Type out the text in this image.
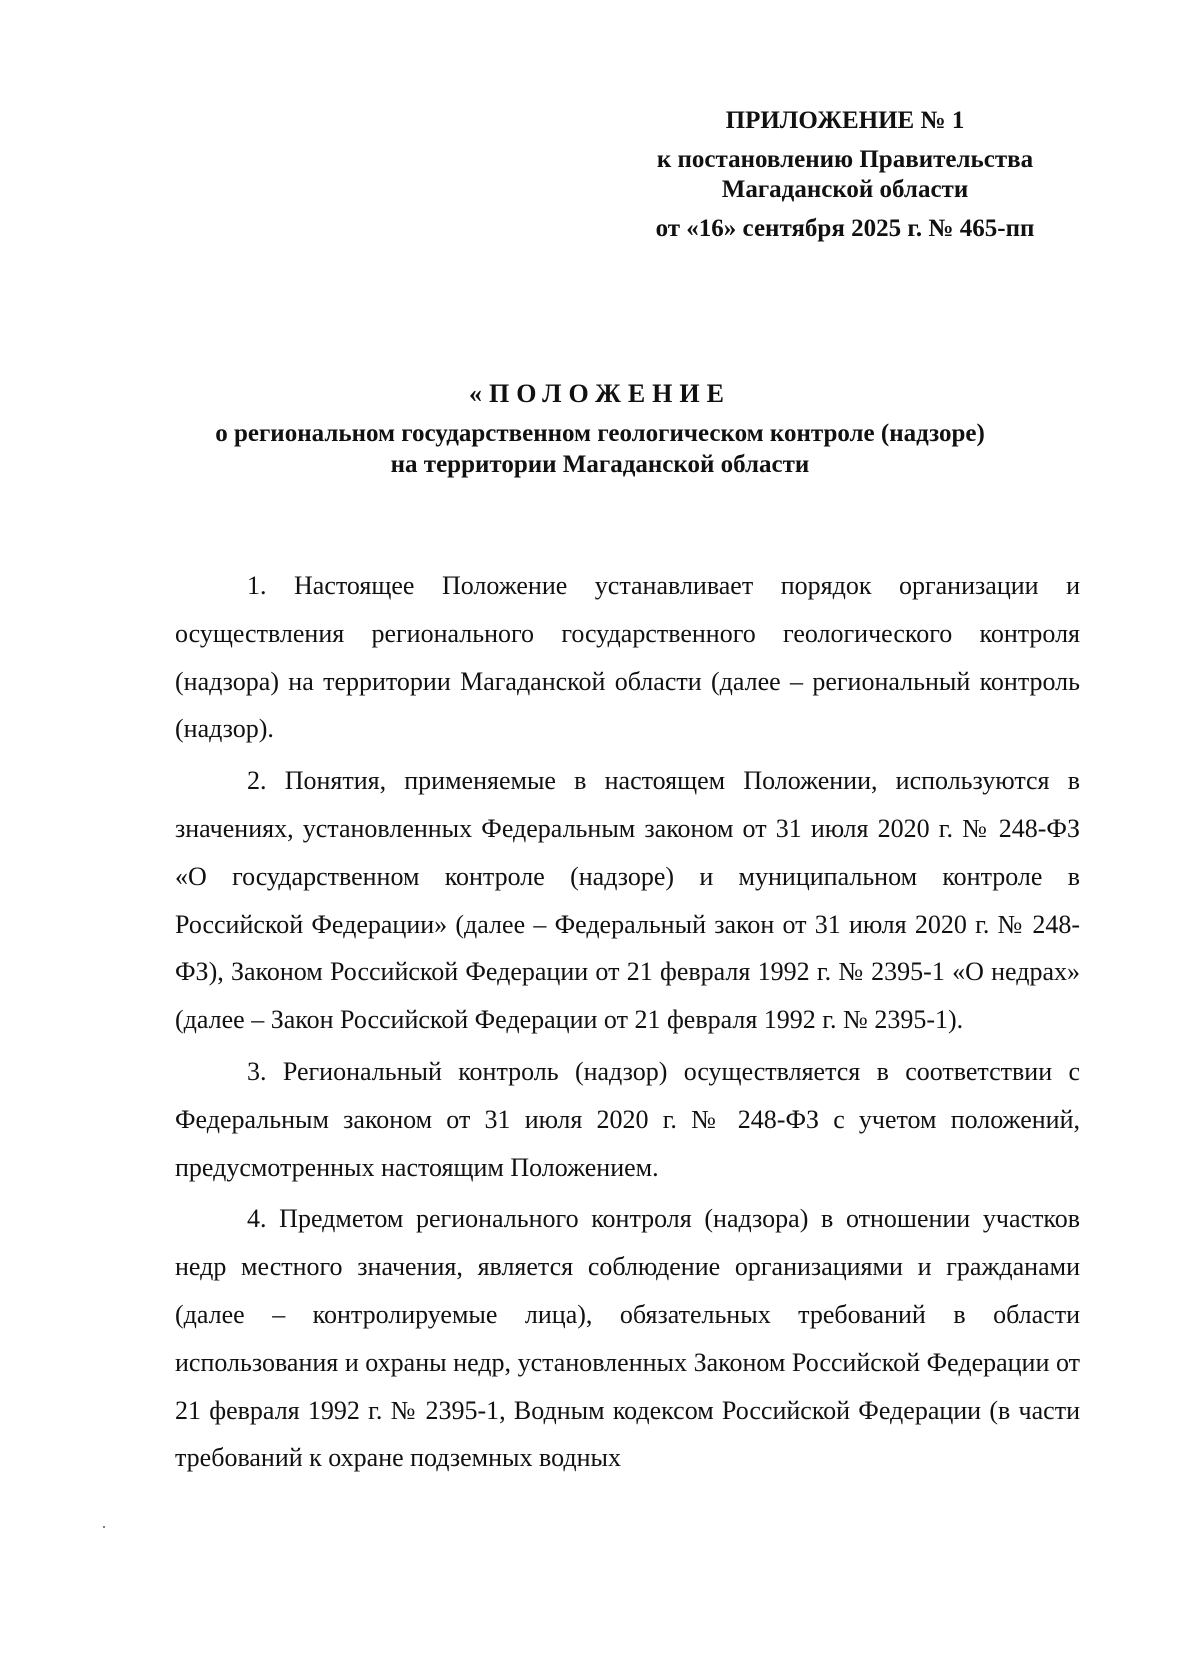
ПРИЛОЖЕНИЕ № 1
к постановлению Правительства
Магаданской области
от «16» сентября 2025 г. № 465-пп
«ПОЛОЖЕНИЕ
о региональном государственном геологическом контроле (надзоре)
на территории Магаданской области

1. Настоящее Положение устанавливает порядок организации и осуществления регионального государственного геологического контроля (надзора) на территории Магаданской области (далее – региональный контроль (надзор).

2. Понятия, применяемые в настоящем Положении, используются в значениях, установленных Федеральным законом от 31 июля 2020 г. № 248-ФЗ «О государственном контроле (надзоре) и муниципальном контроле в Российской Федерации» (далее – Федеральный закон от 31 июля 2020 г. № 248-ФЗ), Законом Российской Федерации от 21 февраля 1992 г. № 2395-1 «О недрах» (далее – Закон Российской Федерации от 21 февраля 1992 г. № 2395-1).

3. Региональный контроль (надзор) осуществляется в соответствии с Федеральным законом от 31 июля 2020 г. № 248-ФЗ с учетом положений, предусмотренных настоящим Положением.

4. Предметом регионального контроля (надзора) в отношении участков недр местного значения, является соблюдение организациями и гражданами (далее – контролируемые лица), обязательных требований в области использования и охраны недр, установленных Законом Российской Федерации от 21 февраля 1992 г. № 2395-1, Водным кодексом Российской Федерации (в части требований к охране подземных водных
